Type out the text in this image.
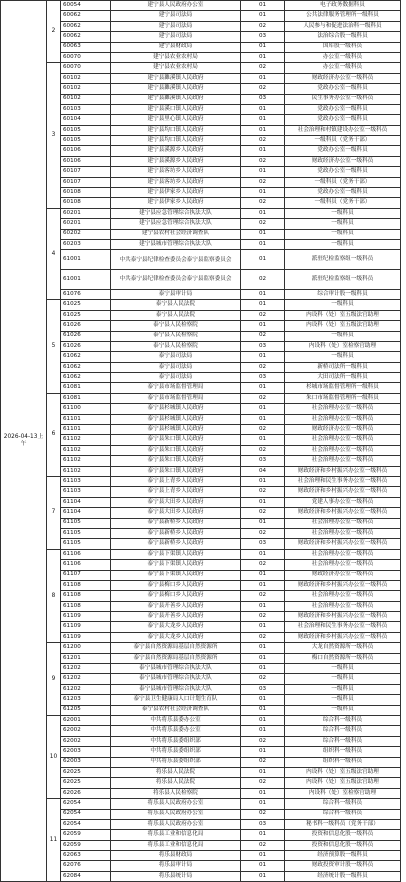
2026-04-13上午	2	60054	建宁县人民政府办公室	01	电子政务数据科员
		60062	建宁县司法局	01	公共法律服务管理所一级科员
		60062	建宁县司法局	02	人民参与和促进法治科一级科员
		60062	建宁县司法局	03	法治综合股一级科员
		60063	建宁县财政局	01	国库股一级科员
		60070	建宁县农业农村局	01	办公室一级科员
	3	60070	建宁县农业农村局	02	办公室一级科员
		60102	建宁县濉溪镇人民政府	01	财政经济办公室一级科员
		60102	建宁县濉溪镇人民政府	02	党政办公室一级科员
		60102	建宁县濉溪镇人民政府	03	民生事务办公室一级科员
		60103	建宁县溪口镇人民政府	01	党政办公室一级科员
		60104	建宁县里心镇人民政府	01	党政办公室一级科员
		60105	建宁县均口镇人民政府	01	社会治理和村镇建设办公室一级科员
		60105	建宁县均口镇人民政府	02	一级科员（党务干部）
		60106	建宁县溪源乡人民政府	01	党政办公室一级科员
		60106	建宁县溪源乡人民政府	02	财政经济办公室一级科员
		60107	建宁县客坊乡人民政府	01	党政办公室一级科员
		60107	建宁县客坊乡人民政府	02	一级科员（党务干部）
		60108	建宁县伊家乡人民政府	01	党政办公室一级科员
		60108	建宁县伊家乡人民政府	02	一级科员（党务干部）
	4	60201	建宁县应急管理综合执法大队	01	一级科员
		60201	建宁县应急管理综合执法大队	02	一级科员
		60202	建宁县农村社会经济调查队	01	一级科员
		60203	建宁县城市管理综合执法大队	01	一级科员
		61001	中共泰宁县纪律检查委员会泰宁县监察委员会	01	派驻纪检监察组一级科员
		61001	中共泰宁县纪律检查委员会泰宁县监察委员会	02	派驻纪检监察组一级科员
		61076	泰宁县审计局	01	综合审计股一级科员
	5	61025	泰宁县人民法院	01	一级科员
		61025	泰宁县人民法院	02	内设科（处）室五级法官助理
		61026	泰宁县人民检察院	01	内设科（处）室五级法官助理
		61026	泰宁县人民检察院	02	一级科员
		61026	泰宁县人民检察院	03	内设科（处）室检察官助理
		61062	泰宁县司法局	01	一级科员
		61062	泰宁县司法局	02	新桥司法所一级科员
		61062	泰宁县司法局	03	大田司法所一级科员
		61081	泰宁县市场监督管理局	01	杉城市场监督管理所一级科员
	6	61081	泰宁县市场监督管理局	02	朱口市场监督管理所一级科员
		61100	泰宁县杉城镇人民政府	01	社会治理办公室一级科员
		61101	泰宁县杉城镇人民政府	01	社会治理办公室一级科员
		61101	泰宁县杉城镇人民政府	02	财政经济办公室一级科员
		61102	泰宁县朱口镇人民政府	01	社会治理办公室一级科员
		61102	泰宁县朱口镇人民政府	02	社会治理办公室一级科员
		61102	泰宁县朱口镇人民政府	03	社会治理办公室一级科员
		61102	泰宁县朱口镇人民政府	04	财政经济和乡村振兴办公室一级科员
	7	61103	泰宁县上青乡人民政府	01	社会治理和民生事务办公室一级科员
		61103	泰宁县上青乡人民政府	02	财政经济和乡村振兴办公室一级科员
		61104	泰宁县大田乡人民政府	01	党建人事办公室一级科员
		61104	泰宁县大田乡人民政府	02	财政经济和乡村振兴办公室一级科员
		61105	泰宁县新桥乡人民政府	01	社会治理办公室一级科员
		61105	泰宁县新桥乡人民政府	02	社会治理办公室一级科员
		61105	泰宁县新桥乡人民政府	03	财政经济和乡村振兴办公室一级科员
	8	61106	泰宁县下渠镇人民政府	01	社会治理办公室一级科员
		61106	泰宁县下渠镇人民政府	02	社会治理办公室一级科员
		61107	泰宁县下渠镇人民政府	01	财政经济办公室一级科员
		61108	泰宁县梅口乡人民政府	01	财政经济和乡村振兴办公室一级科员
		61108	泰宁县梅口乡人民政府	02	社会治理办公室一级科员
		61108	泰宁县开善乡人民政府	01	社会治理办公室一级科员
		61109	泰宁县开善乡人民政府	02	财政经济和乡村振兴办公室一级科员
		61109	泰宁县大龙乡人民政府	01	社会治理和民生事务办公室一级科员
		61109	泰宁县大龙乡人民政府	02	财政经济和乡村振兴办公室一级科员
	9	61200	泰宁县自然资源局基层自然资源所	01	大龙自然资源所一级科员
		61201	泰宁县自然资源局基层自然资源所	01	梅口自然资源所一级科员
		61202	泰宁县城市管理综合执法大队	01	一级科员
		61202	泰宁县城市管理综合执法大队	02	一级科员
		61202	泰宁县城市管理综合执法大队	03	一级科员
		61203	泰宁县卫生健康局人口计划生育队	01	一级科员
		61205	泰宁县农村社会经济调查队	01	一级科员
	10	62001	中共将乐县委办公室	01	综合科一级科员
		62002	中共将乐县委办公室	01	综合科一级科员
		62002	中共将乐县委组织部	02	综合科一级科员
		62003	中共将乐县委组织部	01	组织科一级科员
		62003	中共将乐县委组织部	02	组织科一级科员
		62025	将乐县人民法院	01	内设科（处）室五级法官助理
		62025	将乐县人民法院	02	内设科（处）室五级法官助理
		62026	将乐县人民检察院	01	内设科（处）室检察官助理
	11	62054	将乐县人民政府办公室	01	综合科一级科员
		62054	将乐县人民政府办公室	02	综合科一级科员
		62054	将乐县人民政府办公室	03	秘书科一级科员（党务干部）
		62059	将乐县工业和信息化局	01	投资和信息化股一级科员
		62059	将乐县工业和信息化局	02	投资和信息化股一级科员
		62063	将乐县财政局	01	经济预算股一级科员
		62076	将乐县审计局	01	财政投资审计股一级科员
		62084	将乐县统计局	01	经济统计股一级科员
